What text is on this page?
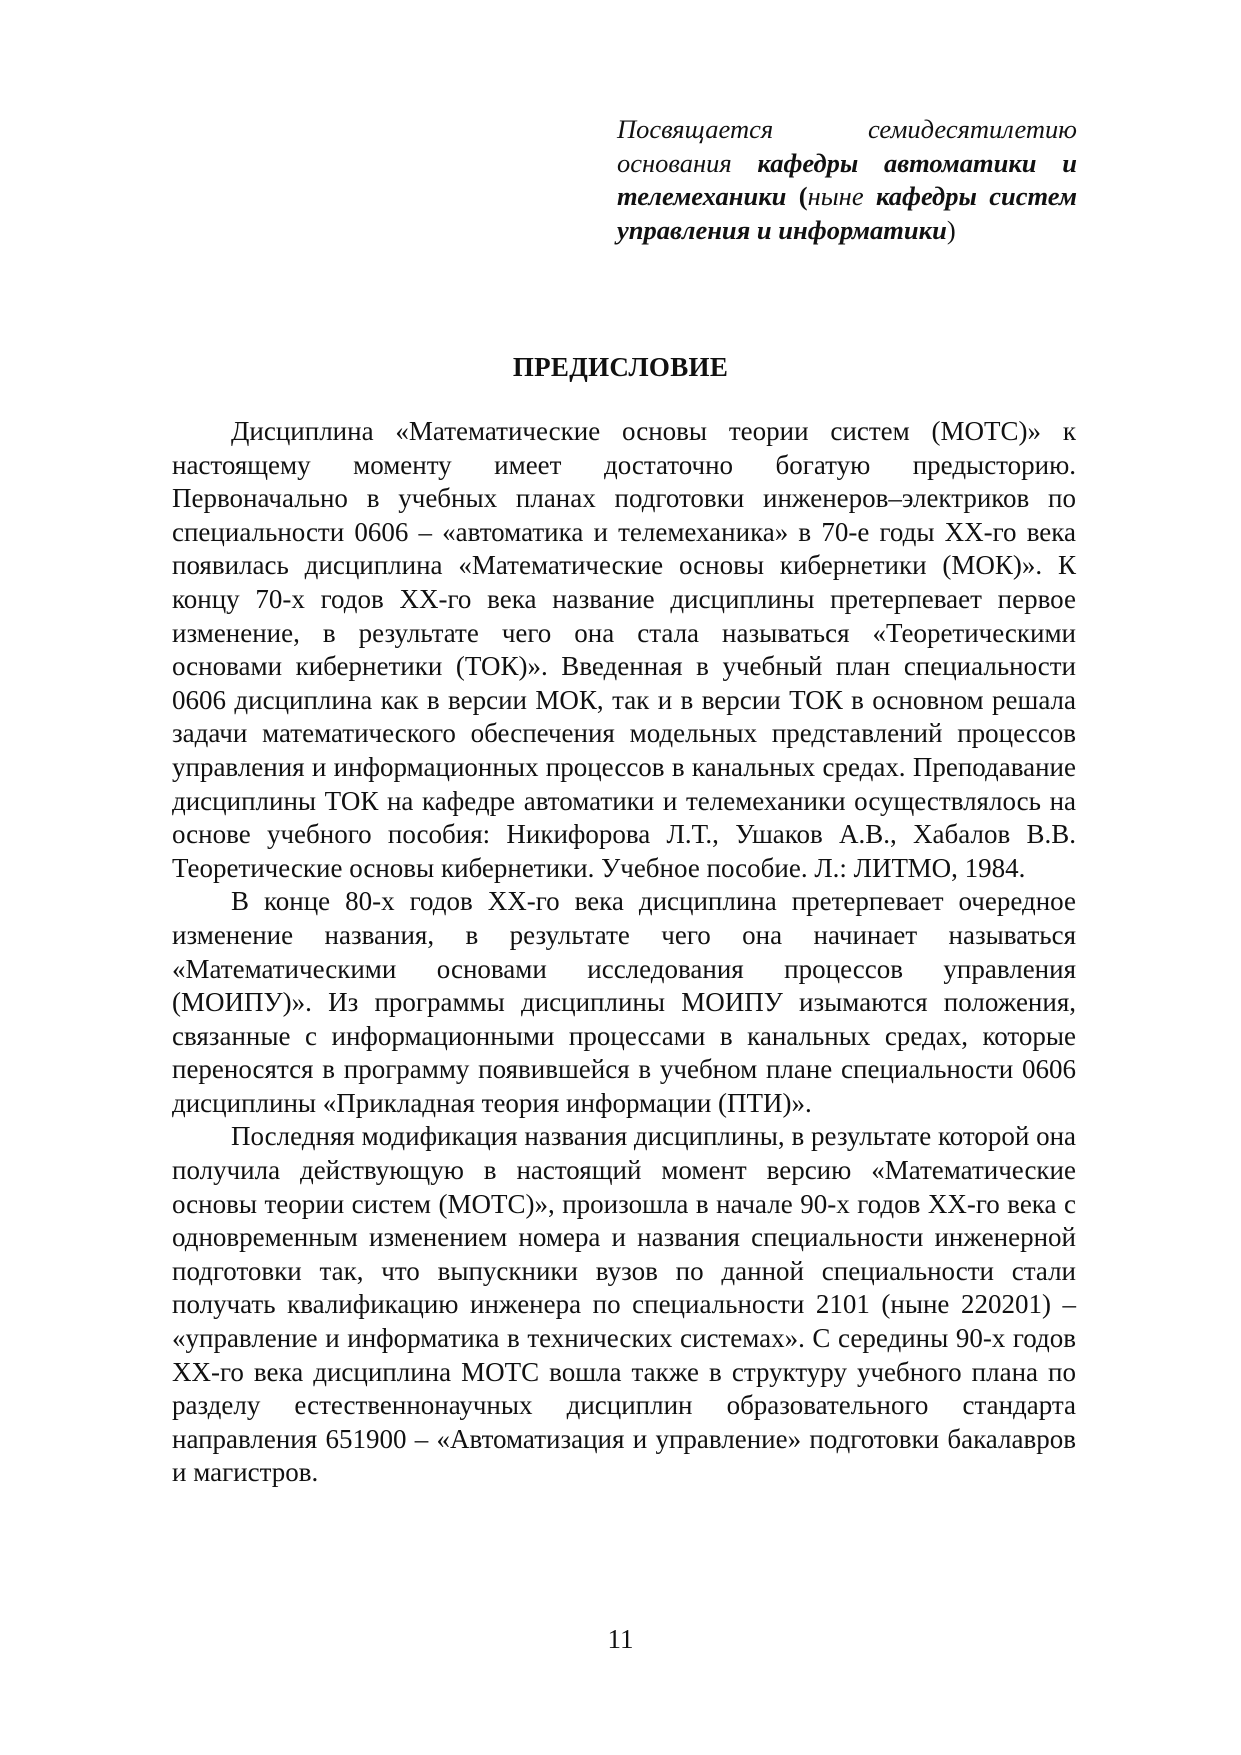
Посвящается семидесятилетию основания кафедры автоматики и телемеханики (ныне кафедры систем управления и информатики)
ПРЕДИСЛОВИЕ

Дисциплина «Математические основы теории систем (МОТС)» к настоящему моменту имеет достаточно богатую предысторию. Первоначально в учебных планах подготовки инженеров–электриков по специальности 0606 – «автоматика и телемеханика» в 70-е годы ХХ-го века появилась дисциплина «Математические основы кибернетики (МОК)». К концу 70-х годов ХХ-го века название дисциплины претерпевает первое изменение, в результате чего она стала называться «Теоретическими основами кибернетики (ТОК)». Введенная в учебный план специальности 0606 дисциплина как в версии МОК, так и в версии ТОК в основном решала задачи математического обеспечения модельных представлений процессов управления и информационных процессов в канальных средах. Преподавание дисциплины ТОК на кафедре автоматики и телемеханики осуществлялось на основе учебного пособия: Никифорова Л.Т., Ушаков А.В., Хабалов В.В. Теоретические основы кибернетики. Учебное пособие. Л.: ЛИТМО, 1984.

В конце 80-х годов ХХ-го века дисциплина претерпевает очередное изменение названия, в результате чего она начинает называться «Математическими основами исследования процессов управления (МОИПУ)». Из программы дисциплины МОИПУ изымаются положения, связанные с информационными процессами в канальных средах, которые переносятся в программу появившейся в учебном плане специальности 0606 дисциплины «Прикладная теория информации (ПТИ)».

Последняя модификация названия дисциплины, в результате которой она получила действующую в настоящий момент версию «Математические основы теории систем (МОТС)», произошла в начале 90-х годов ХХ-го века с одновременным изменением номера и названия специальности инженерной подготовки так, что выпускники вузов по данной специальности стали получать квалификацию инженера по специальности 2101 (ныне 220201) – «управление и информатика в технических системах». С середины 90-х годов ХХ-го века дисциплина МОТС вошла также в структуру учебного плана по разделу естественнонаучных дисциплин образовательного стандарта направления 651900 – «Автоматизация и управление» подготовки бакалавров и магистров.

11
